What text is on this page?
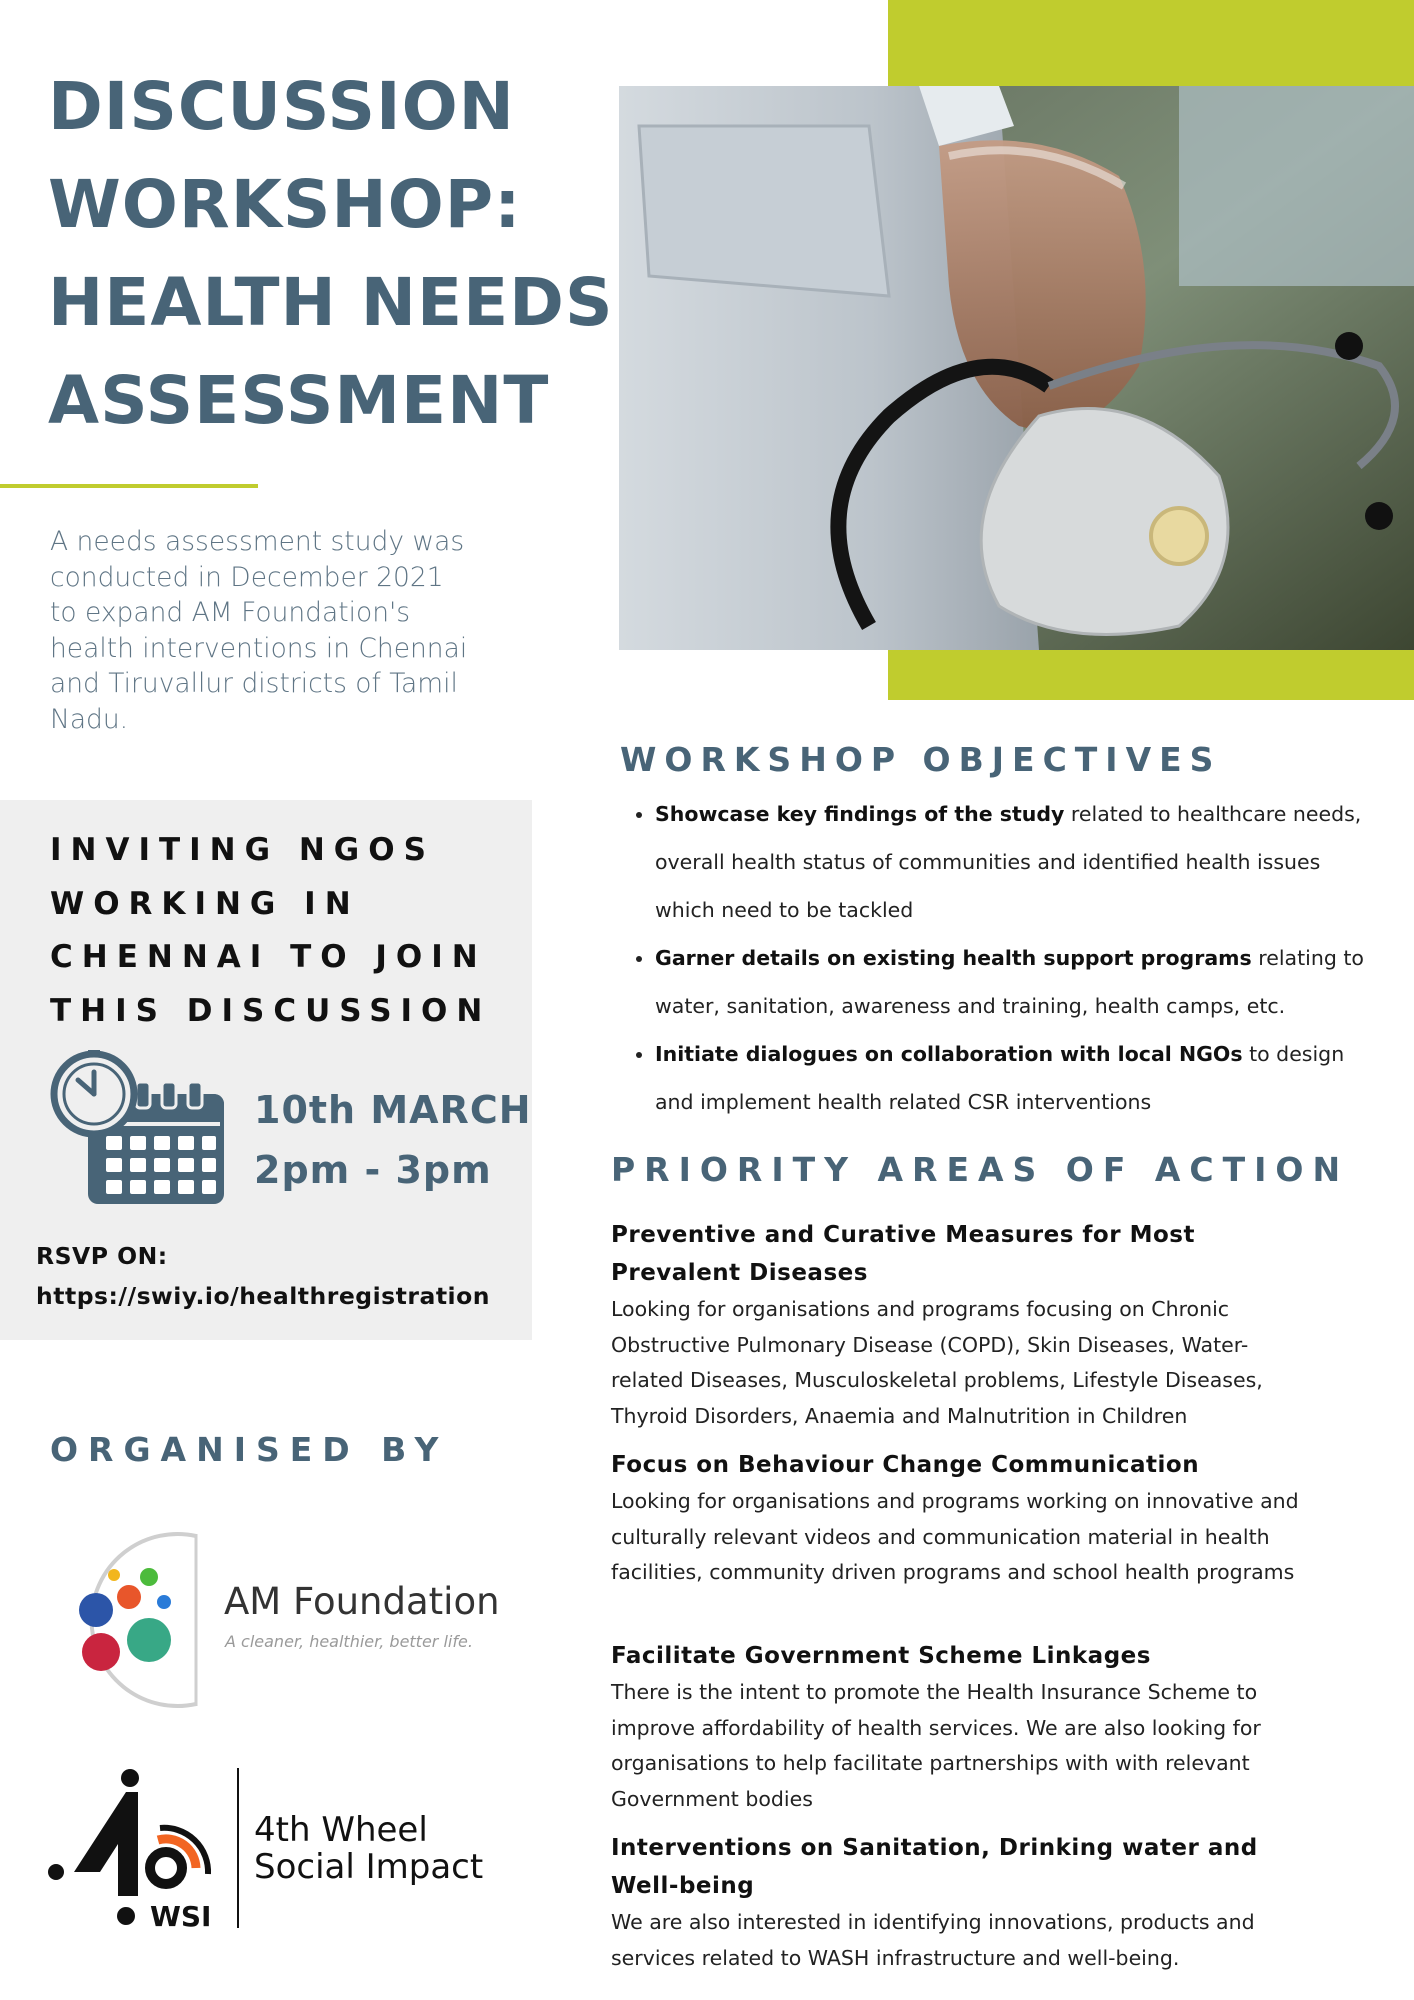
DISCUSSION
WORKSHOP:
HEALTH NEEDS
ASSESSMENT
A needs assessment study was
conducted in December 2021
to expand AM Foundation's
health interventions in Chennai
and Tiruvallur districts of Tamil
Nadu.
INVITING NGOS
WORKING IN
CHENNAI TO JOIN
THIS DISCUSSION
10th MARCH
2pm - 3pm
RSVP ON:
https://swiy.io/healthregistration
ORGANISED BY
AM Foundation
A cleaner, healthier, better life.
WSI
4th Wheel
Social Impact
WORKSHOP OBJECTIVES
• Showcase key findings of the study related to healthcare needs, overall health status of communities and identified health issues which need to be tackled
• Garner details on existing health support programs relating to water, sanitation, awareness and training, health camps, etc.
• Initiate dialogues on collaboration with local NGOs to design and implement health related CSR interventions
PRIORITY AREAS OF ACTION
Preventive and Curative Measures for Most Prevalent Diseases

Looking for organisations and programs focusing on Chronic Obstructive Pulmonary Disease (COPD), Skin Diseases, Water-related Diseases, Musculoskeletal problems, Lifestyle Diseases, Thyroid Disorders, Anaemia and Malnutrition in Children

Focus on Behaviour Change Communication

Looking for organisations and programs working on innovative and culturally relevant videos and communication material in health facilities, community driven programs and school health programs

Facilitate Government Scheme Linkages

There is the intent to promote the Health Insurance Scheme to improve affordability of health services. We are also looking for organisations to help facilitate partnerships with with relevant Government bodies

Interventions on Sanitation, Drinking water and Well-being

We are also interested in identifying innovations, products and services related to WASH infrastructure and well-being.
